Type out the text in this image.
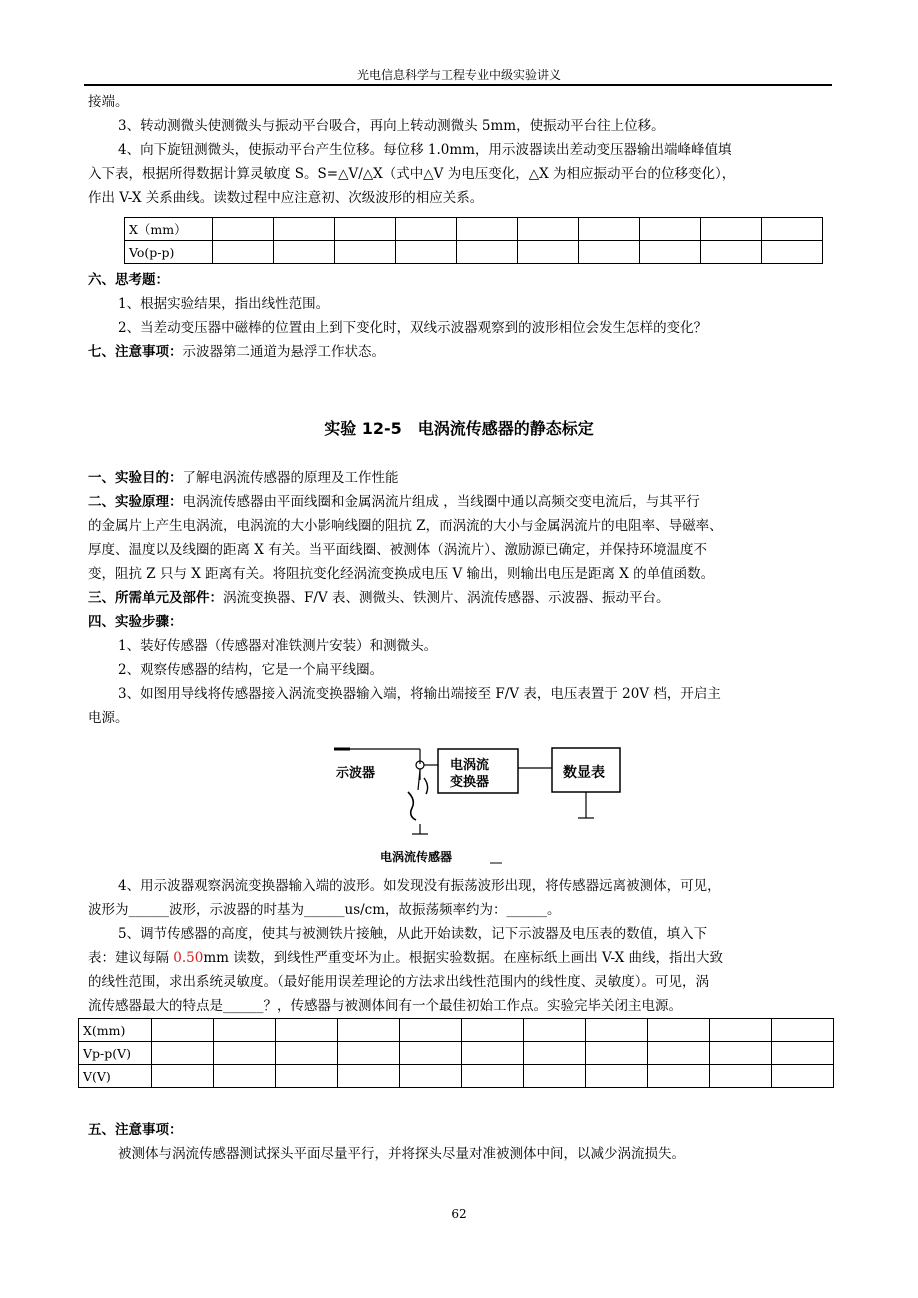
光电信息科学与工程专业中级实验讲义
接端。
3、转动测微头使测微头与振动平台吸合，再向上转动测微头 5mm，使振动平台往上位移。
4、向下旋钮测微头，使振动平台产生位移。每位移 1.0mm，用示波器读出差动变压器输出端峰峰值填
入下表，根据所得数据计算灵敏度 S。S=△V/△X（式中△V 为电压变化，△X 为相应振动平台的位移变化），
作出 V-X 关系曲线。读数过程中应注意初、次级波形的相应关系。
X（mm）										
Vo(p-p)										
六、思考题：
1、根据实验结果，指出线性范围。
2、当差动变压器中磁棒的位置由上到下变化时，双线示波器观察到的波形相位会发生怎样的变化？
七、注意事项：示波器第二通道为悬浮工作状态。
实验 12-5　电涡流传感器的静态标定
一、实验目的：了解电涡流传感器的原理及工作性能
二、实验原理：电涡流传感器由平面线圈和金属涡流片组成 ，当线圈中通以高频交变电流后，与其平行
的金属片上产生电涡流，电涡流的大小影响线圈的阻抗 Z，而涡流的大小与金属涡流片的电阻率、导磁率、
厚度、温度以及线圈的距离 X 有关。当平面线圈、被测体（涡流片）、激励源已确定，并保持环境温度不
变，阻抗 Z 只与 X 距离有关。将阻抗变化经涡流变换成电压 V 输出，则输出电压是距离 X 的单值函数。
三、所需单元及部件：涡流变换器、F/V 表、测微头、铁测片、涡流传感器、示波器、振动平台。
四、实验步骤：
1、装好传感器（传感器对准铁测片安装）和测微头。
2、观察传感器的结构，它是一个扁平线圈。
3、如图用导线将传感器接入涡流变换器输入端，将输出端接至 F/V 表，电压表置于 20V 档，开启主
电源。
示波器
电涡流
变换器
数显表
电涡流传感器
4、用示波器观察涡流变换器输入端的波形。如发现没有振荡波形出现，将传感器远离被测体，可见，
波形为______波形，示波器的时基为______us/cm，故振荡频率约为：______。
5、调节传感器的高度，使其与被测铁片接触，从此开始读数，记下示波器及电压表的数值，填入下
表：建议每隔 0.50mm 读数，到线性严重变坏为止。根据实验数据。在座标纸上画出 V-X 曲线，指出大致
的线性范围，求出系统灵敏度。（最好能用误差理论的方法求出线性范围内的线性度、灵敏度）。可见，涡
流传感器最大的特点是______？，传感器与被测体间有一个最佳初始工作点。实验完毕关闭主电源。
X(mm)											
Vp-p(V)											
V(V)											
五、注意事项：
被测体与涡流传感器测试探头平面尽量平行，并将探头尽量对准被测体中间，以减少涡流损失。
62
